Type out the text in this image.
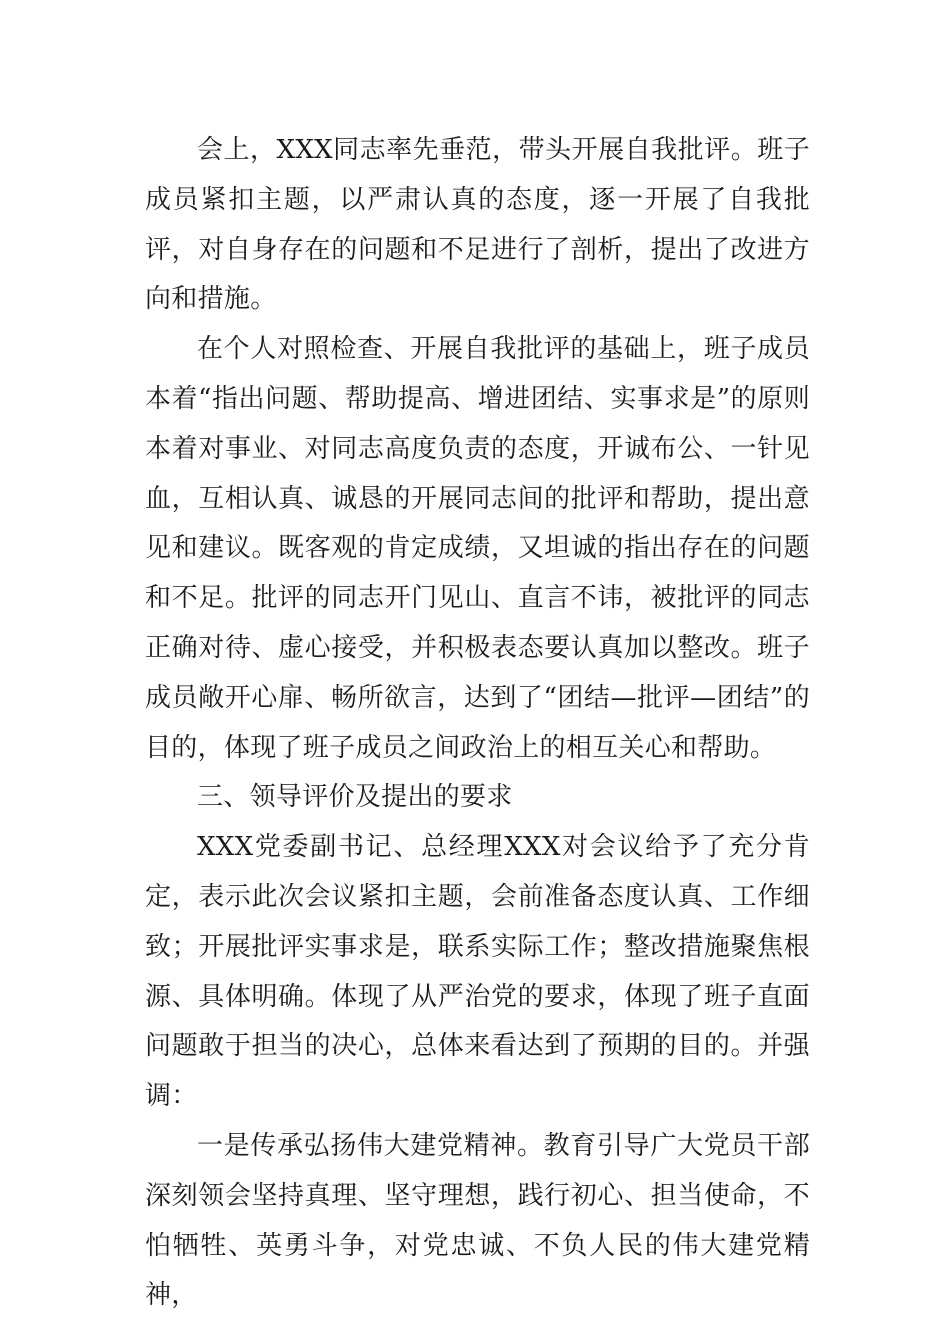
会上，XXX同志率先垂范，带头开展自我批评。班子成员紧扣主题，以严肃认真的态度，逐一开展了自我批评，对自身存在的问题和不足进行了剖析，提出了改进方向和措施。

在个人对照检查、开展自我批评的基础上，班子成员本着“指出问题、帮助提高、增进团结、实事求是”的原则本着对事业、对同志高度负责的态度，开诚布公、一针见血，互相认真、诚恳的开展同志间的批评和帮助，提出意见和建议。既客观的肯定成绩，又坦诚的指出存在的问题和不足。批评的同志开门见山、直言不讳，被批评的同志正确对待、虚心接受，并积极表态要认真加以整改。班子成员敞开心扉、畅所欲言，达到了“团结—批评—团结”的目的，体现了班子成员之间政治上的相互关心和帮助。

三、领导评价及提出的要求

XXX党委副书记、总经理XXX对会议给予了充分肯定，表示此次会议紧扣主题，会前准备态度认真、工作细致；开展批评实事求是，联系实际工作；整改措施聚焦根源、具体明确。体现了从严治党的要求，体现了班子直面问题敢于担当的决心，总体来看达到了预期的目的。并强调：

一是传承弘扬伟大建党精神。教育引导广大党员干部深刻领会坚持真理、坚守理想，践行初心、担当使命，不怕牺牲、英勇斗争，对党忠诚、不负人民的伟大建党精神，
